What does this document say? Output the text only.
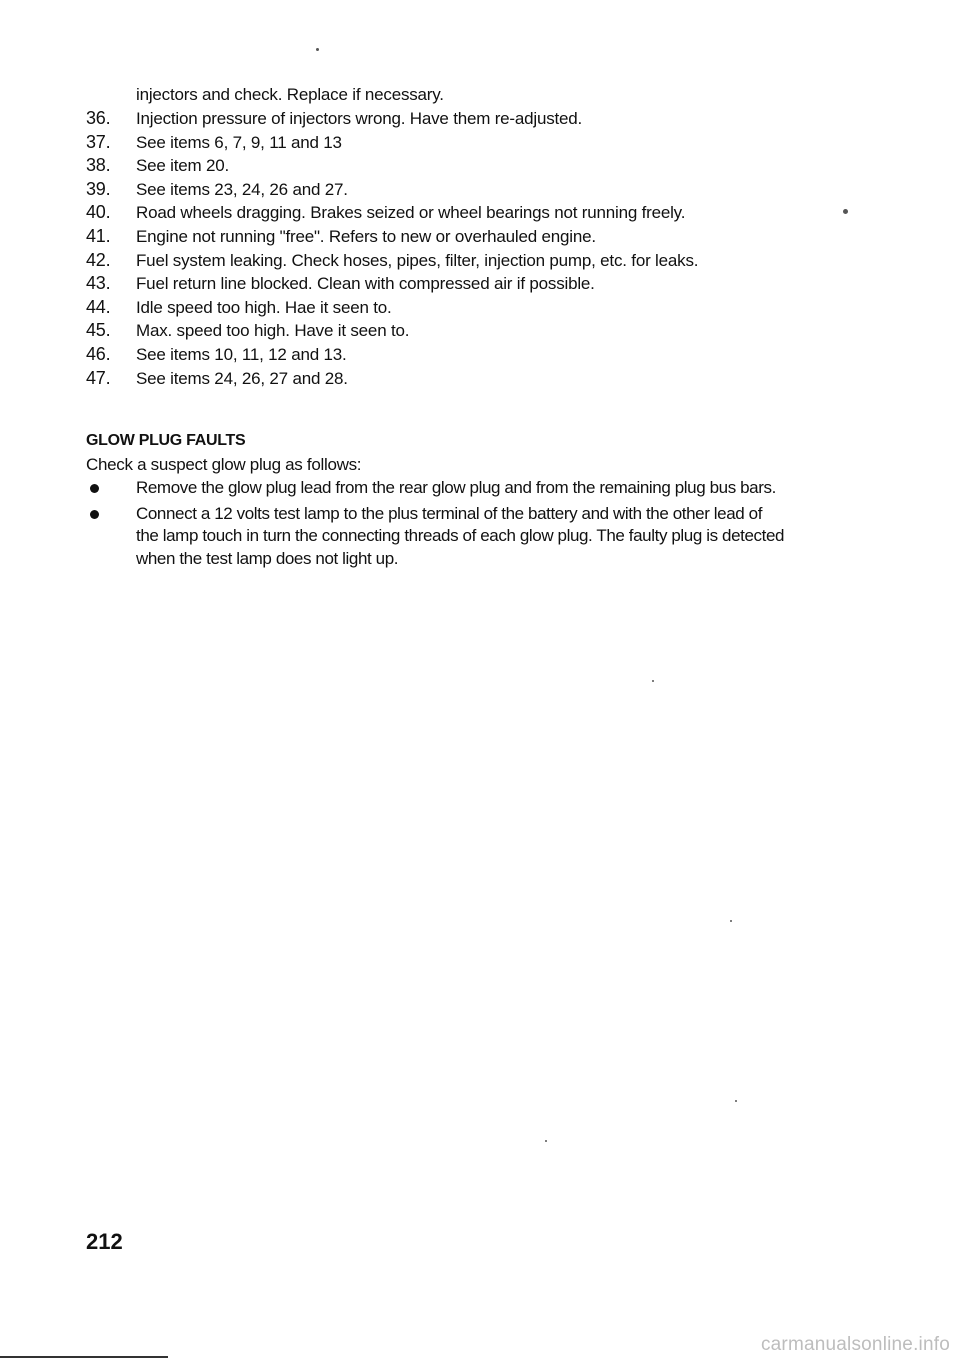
injectors and check. Replace if necessary.
36.	Injection pressure of injectors wrong. Have them re-adjusted.
37.	See items 6, 7, 9, 11 and 13
38.	See item 20.
39.	See items 23, 24, 26 and 27.
40.	Road wheels dragging. Brakes seized or wheel bearings not running freely.
41.	Engine not running "free". Refers to new or overhauled engine.
42.	Fuel system leaking. Check hoses, pipes, filter, injection pump, etc. for leaks.
43.	Fuel return line blocked. Clean with compressed air if possible.
44.	Idle speed too high. Hae it seen to.
45.	Max. speed too high. Have it seen to.
46.	See items 10, 11, 12 and 13.
47.	See items 24, 26, 27 and 28.
GLOW PLUG FAULTS
Check a suspect glow plug as follows:
Remove the glow plug lead from the rear glow plug and from the remaining plug bus bars.
Connect a 12 volts test lamp to the plus terminal of the battery and with the other lead of the lamp touch in turn the connecting threads of each glow plug. The faulty plug is detected when the test lamp does not light up.
212
carmanualsonline.info
